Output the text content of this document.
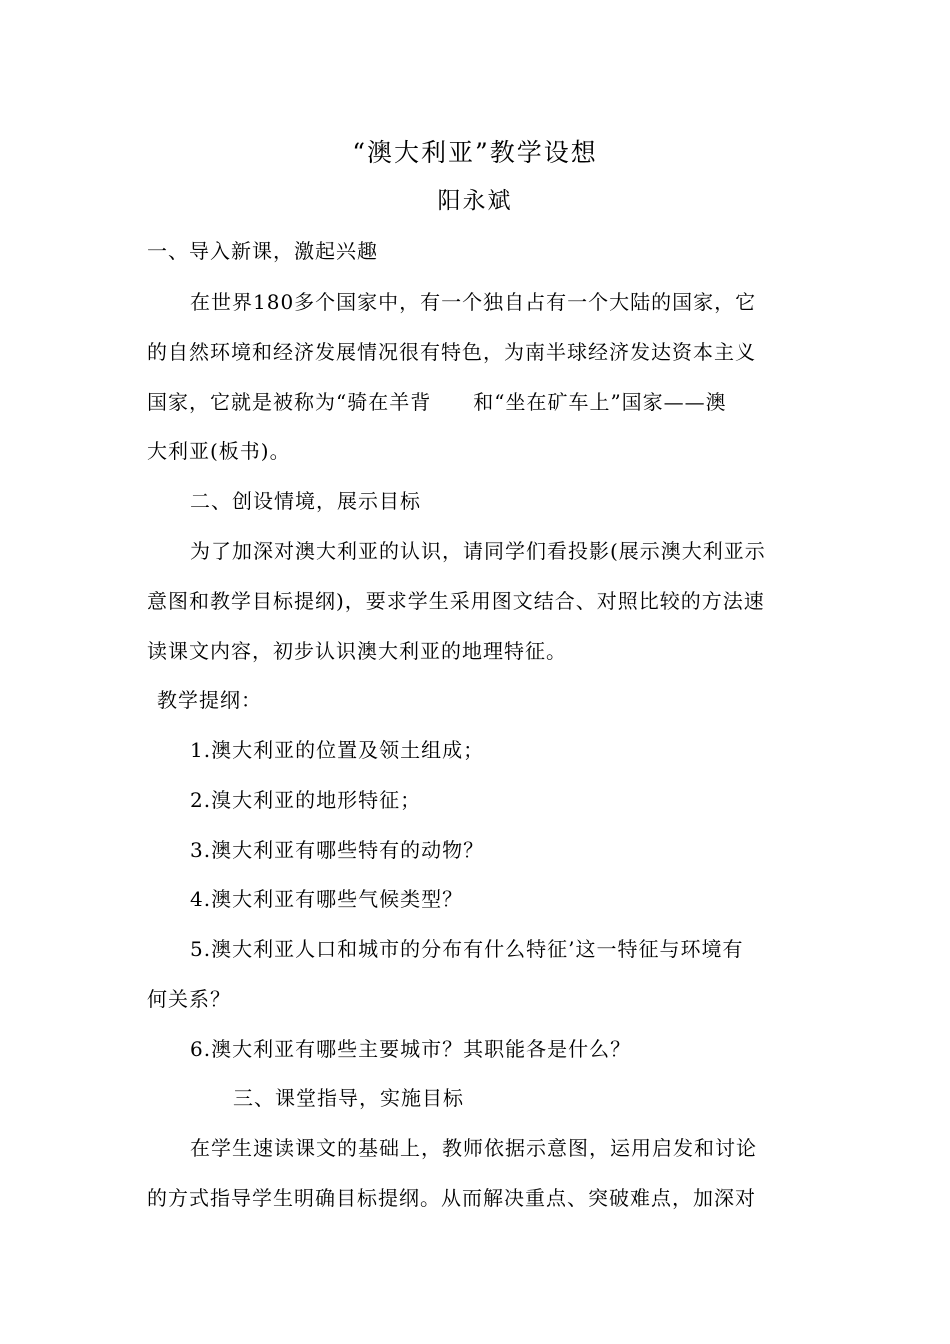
“澳大利亚”教学设想
阳永斌
一、导入新课，激起兴趣
在世界180多个国家中，有一个独自占有一个大陆的国家，它
的自然环境和经济发展情况很有特色，为南半球经济发达资本主义
国家，它就是被称为“骑在羊背　　和“坐在矿车上”国家——澳
大利亚(板书)。
二、创设情境，展示目标
为了加深对澳大利亚的认识，请同学们看投影(展示澳大利亚示
意图和教学目标提纲)，要求学生采用图文结合、对照比较的方法速
读课文内容，初步认识澳大利亚的地理特征。
教学提纲：
1.澳大利亚的位置及领土组成；
2.溴大利亚的地形特征；
3.澳大利亚有哪些特有的动物？
4.澳大利亚有哪些气候类型？
5.澳大利亚人口和城市的分布有什么特征’这一特征与环境有
何关系？
6.澳大利亚有哪些主要城市？其职能各是什么？
三、课堂指导，实施目标
在学生速读课文的基础上，教师依据示意图，运用启发和讨论
的方式指导学生明确目标提纲。从而解决重点、突破难点，加深对
